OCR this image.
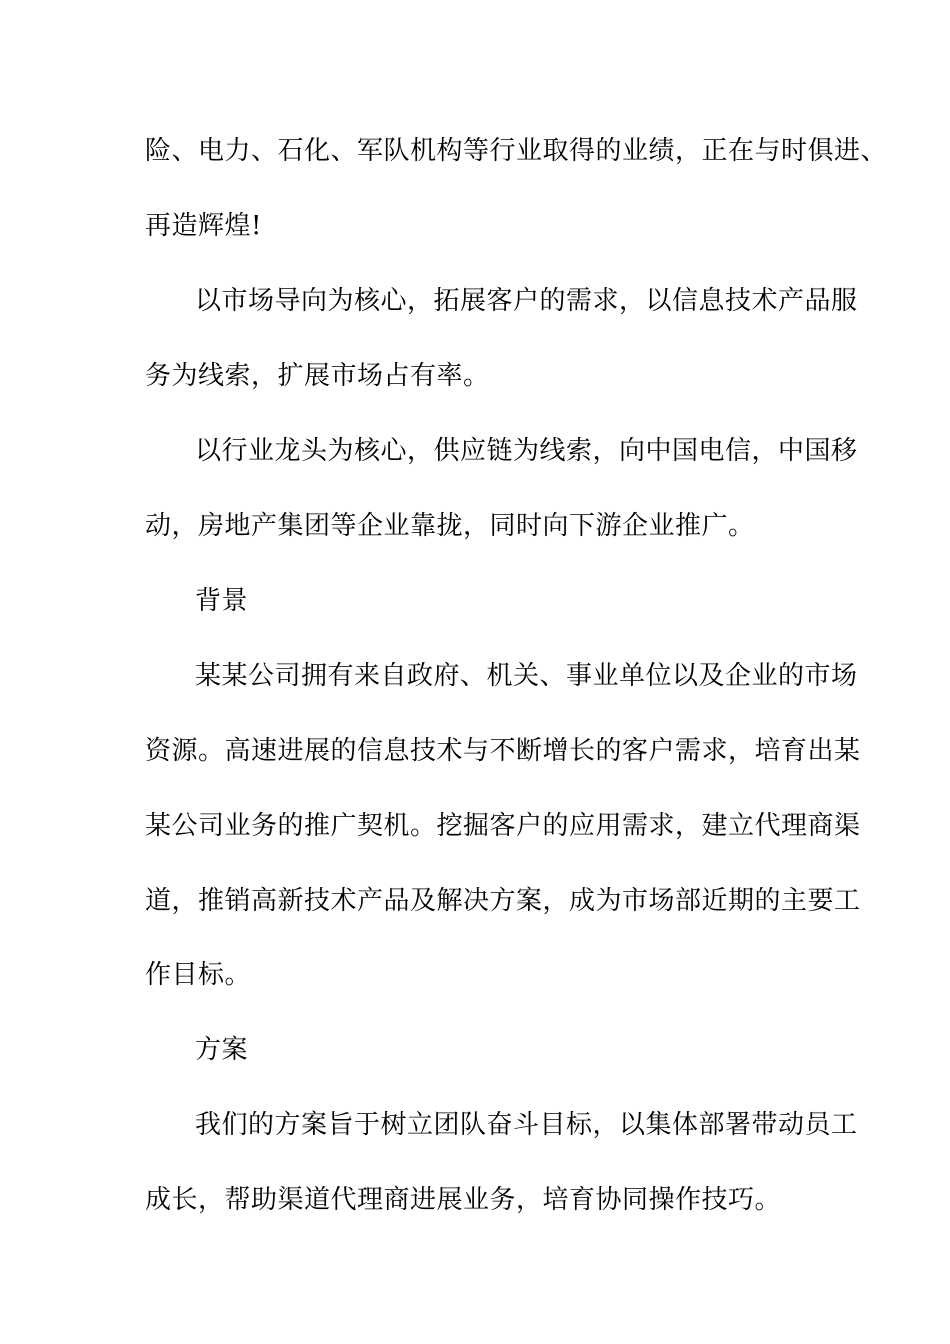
险、电力、石化、军队机构等行业取得的业绩，正在与时俱进、
再造辉煌!
以市场导向为核心，拓展客户的需求，以信息技术产品服
务为线索，扩展市场占有率。
以行业龙头为核心，供应链为线索，向中国电信，中国移
动，房地产集团等企业靠拢，同时向下游企业推广。
背景
某某公司拥有来自政府、机关、事业单位以及企业的市场
资源。高速进展的信息技术与不断增长的客户需求，培育出某
某公司业务的推广契机。挖掘客户的应用需求，建立代理商渠
道，推销高新技术产品及解决方案，成为市场部近期的主要工
作目标。
方案
我们的方案旨于树立团队奋斗目标，以集体部署带动员工
成长，帮助渠道代理商进展业务，培育协同操作技巧。
